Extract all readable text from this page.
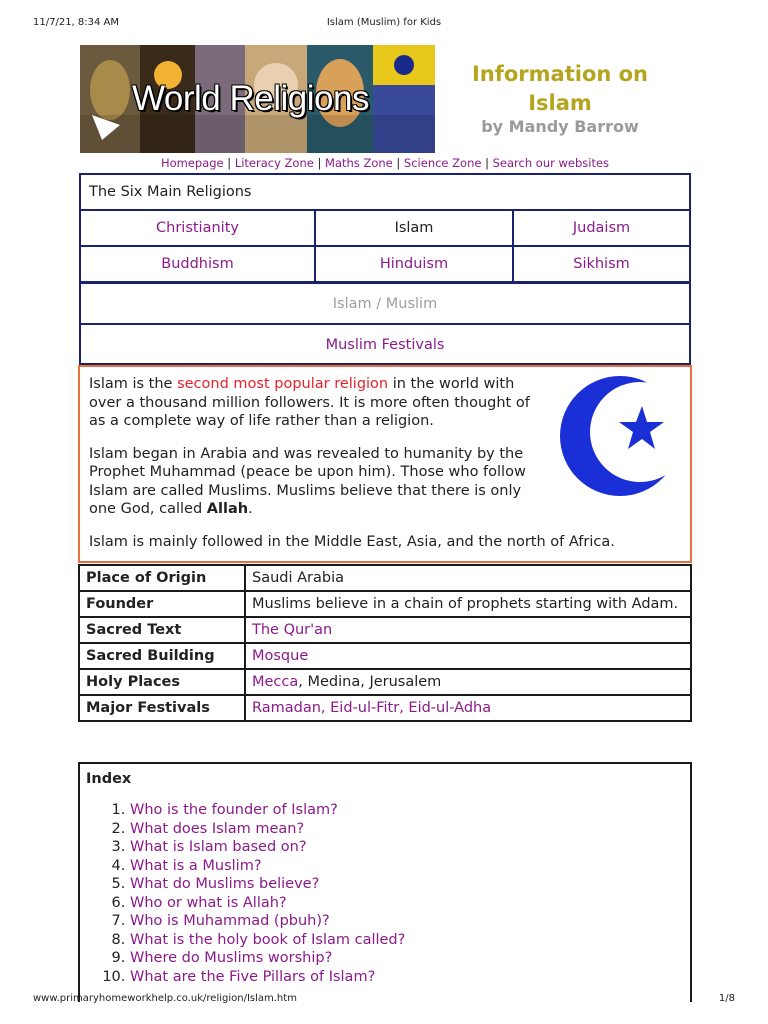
11/7/21, 8:34 AM	Islam (Muslim) for Kids
World Religions
Information on Islam
by Mandy Barrow
Homepage | Literacy Zone | Maths Zone | Science Zone | Search our websites
The Six Main Religions
Christianity	Islam	Judaism
Buddhism	Hinduism	Sikhism
Islam / Muslim
Muslim Festivals

Islam is the second most popular religion in the world with over a thousand million followers. It is more often thought of as a complete way of life rather than a religion.

Islam began in Arabia and was revealed to humanity by the Prophet Muhammad (peace be upon him). Those who follow Islam are called Muslims. Muslims believe that there is only one God, called Allah.

Islam is mainly followed in the Middle East, Asia, and the north of Africa.

Place of Origin	Saudi Arabia
Founder	Muslims believe in a chain of prophets starting with Adam.
Sacred Text	The Qur'an
Sacred Building	Mosque
Holy Places	Mecca, Medina, Jerusalem
Major Festivals	Ramadan, Eid-ul-Fitr, Eid-ul-Adha
Index
1. Who is the founder of Islam?
2. What does Islam mean?
3. What is Islam based on?
4. What is a Muslim?
5. What do Muslims believe?
6. Who or what is Allah?
7. Who is Muhammad (pbuh)?
8. What is the holy book of Islam called?
9. Where do Muslims worship?
10. What are the Five Pillars of Islam?
www.primaryhomeworkhelp.co.uk/religion/Islam.htm	1/8
